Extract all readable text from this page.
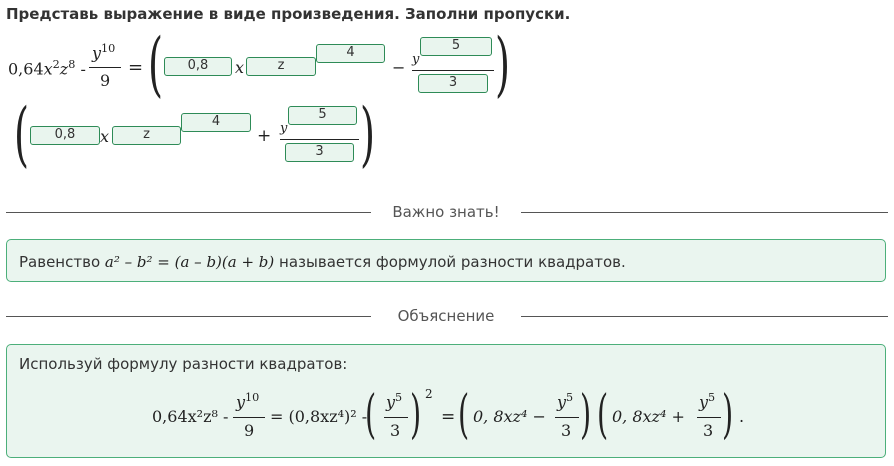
Представь выражение в виде произведения. Заполни пропуски.
$0,64x^2z^8$ -
$y^{10}$
9
= (	0,8	x	z
4
− y
5
3 )
(	0,8	x	z
4
+ y
5
3 )
Важно знать!
Равенство a² – b² = (a – b)(a + b) называется формулой разности квадратов.
Объяснение
Используй формулу разности квадратов:
0,64x²z⁸ -
$y^{10}$
9
= (0,8xz⁴)² -
( $y^5$
3 ) 2
= ( 0, 8xz⁴ −
$y^5$
3 ) ( 0, 8xz⁴ +
$y^5$
3 ) .
